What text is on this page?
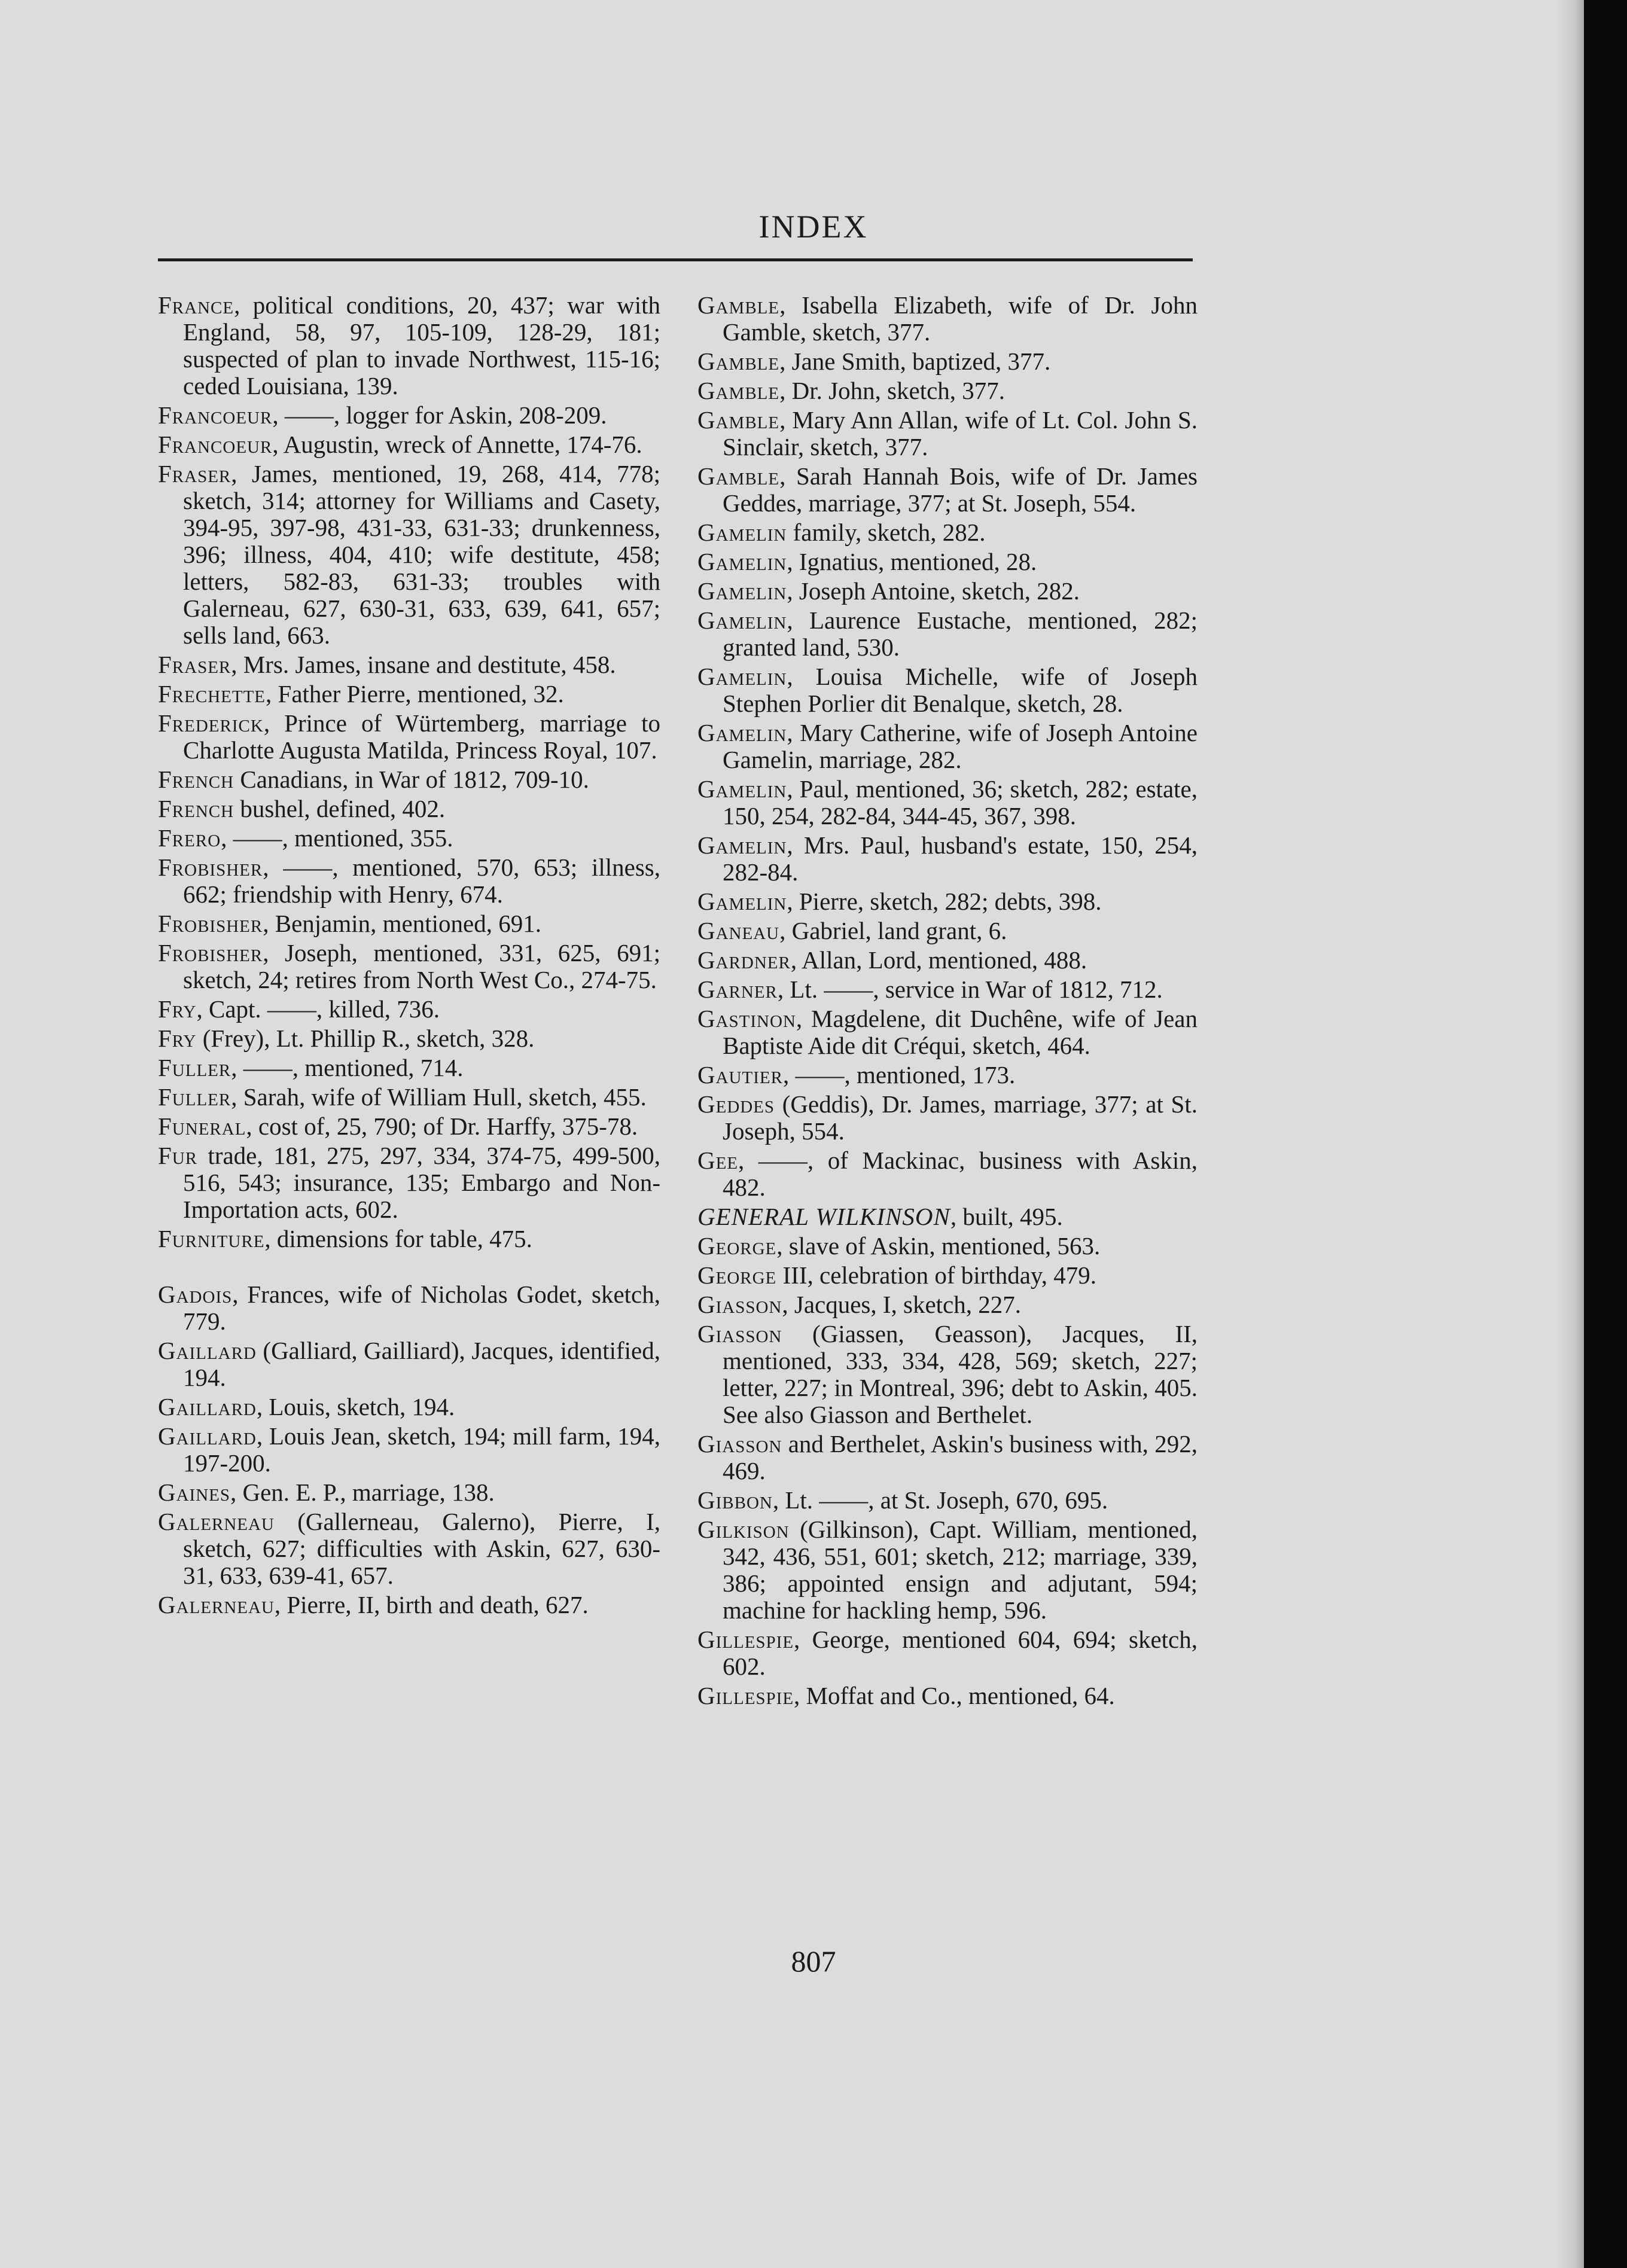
INDEX

France, political conditions, 20, 437; war with England, 58, 97, 105-109, 128-29, 181; suspected of plan to invade Northwest, 115-16; ceded Louisiana, 139.

Francoeur, ——, logger for Askin, 208-209.

Francoeur, Augustin, wreck of Annette, 174-76.

Fraser, James, mentioned, 19, 268, 414, 778; sketch, 314; attorney for Williams and Casety, 394-95, 397-98, 431-33, 631-33; drunkenness, 396; illness, 404, 410; wife destitute, 458; letters, 582-83, 631-33; troubles with Galerneau, 627, 630-31, 633, 639, 641, 657; sells land, 663.

Fraser, Mrs. James, insane and destitute, 458.

Frechette, Father Pierre, mentioned, 32.

Frederick, Prince of Würtemberg, marriage to Charlotte Augusta Matilda, Princess Royal, 107.

French Canadians, in War of 1812, 709-10.

French bushel, defined, 402.

Frero, ——, mentioned, 355.

Frobisher, ——, mentioned, 570, 653; illness, 662; friendship with Henry, 674.

Frobisher, Benjamin, mentioned, 691.

Frobisher, Joseph, mentioned, 331, 625, 691; sketch, 24; retires from North West Co., 274-75.

Fry, Capt. ——, killed, 736.

Fry (Frey), Lt. Phillip R., sketch, 328.

Fuller, ——, mentioned, 714.

Fuller, Sarah, wife of William Hull, sketch, 455.

Funeral, cost of, 25, 790; of Dr. Harffy, 375-78.

Fur trade, 181, 275, 297, 334, 374-75, 499-500, 516, 543; insurance, 135; Embargo and Non-Importation acts, 602.

Furniture, dimensions for table, 475.

Gadois, Frances, wife of Nicholas Godet, sketch, 779.

Gaillard (Galliard, Gailliard), Jacques, identified, 194.

Gaillard, Louis, sketch, 194.

Gaillard, Louis Jean, sketch, 194; mill farm, 194, 197-200.

Gaines, Gen. E. P., marriage, 138.

Galerneau (Gallerneau, Galerno), Pierre, I, sketch, 627; difficulties with Askin, 627, 630-31, 633, 639-41, 657.

Galerneau, Pierre, II, birth and death, 627.

Gamble, Isabella Elizabeth, wife of Dr. John Gamble, sketch, 377.

Gamble, Jane Smith, baptized, 377.

Gamble, Dr. John, sketch, 377.

Gamble, Mary Ann Allan, wife of Lt. Col. John S. Sinclair, sketch, 377.

Gamble, Sarah Hannah Bois, wife of Dr. James Geddes, marriage, 377; at St. Joseph, 554.

Gamelin family, sketch, 282.

Gamelin, Ignatius, mentioned, 28.

Gamelin, Joseph Antoine, sketch, 282.

Gamelin, Laurence Eustache, mentioned, 282; granted land, 530.

Gamelin, Louisa Michelle, wife of Joseph Stephen Porlier dit Benalque, sketch, 28.

Gamelin, Mary Catherine, wife of Joseph Antoine Gamelin, marriage, 282.

Gamelin, Paul, mentioned, 36; sketch, 282; estate, 150, 254, 282-84, 344-45, 367, 398.

Gamelin, Mrs. Paul, husband's estate, 150, 254, 282-84.

Gamelin, Pierre, sketch, 282; debts, 398.

Ganeau, Gabriel, land grant, 6.

Gardner, Allan, Lord, mentioned, 488.

Garner, Lt. ——, service in War of 1812, 712.

Gastinon, Magdelene, dit Duchêne, wife of Jean Baptiste Aide dit Créqui, sketch, 464.

Gautier, ——, mentioned, 173.

Geddes (Geddis), Dr. James, marriage, 377; at St. Joseph, 554.

Gee, ——, of Mackinac, business with Askin, 482.

GENERAL WILKINSON, built, 495.

George, slave of Askin, mentioned, 563.

George III, celebration of birthday, 479.

Giasson, Jacques, I, sketch, 227.

Giasson (Giassen, Geasson), Jacques, II, mentioned, 333, 334, 428, 569; sketch, 227; letter, 227; in Montreal, 396; debt to Askin, 405. See also Giasson and Berthelet.

Giasson and Berthelet, Askin's business with, 292, 469.

Gibbon, Lt. ——, at St. Joseph, 670, 695.

Gilkison (Gilkinson), Capt. William, mentioned, 342, 436, 551, 601; sketch, 212; marriage, 339, 386; appointed ensign and adjutant, 594; machine for hackling hemp, 596.

Gillespie, George, mentioned 604, 694; sketch, 602.

Gillespie, Moffat and Co., mentioned, 64.

807
